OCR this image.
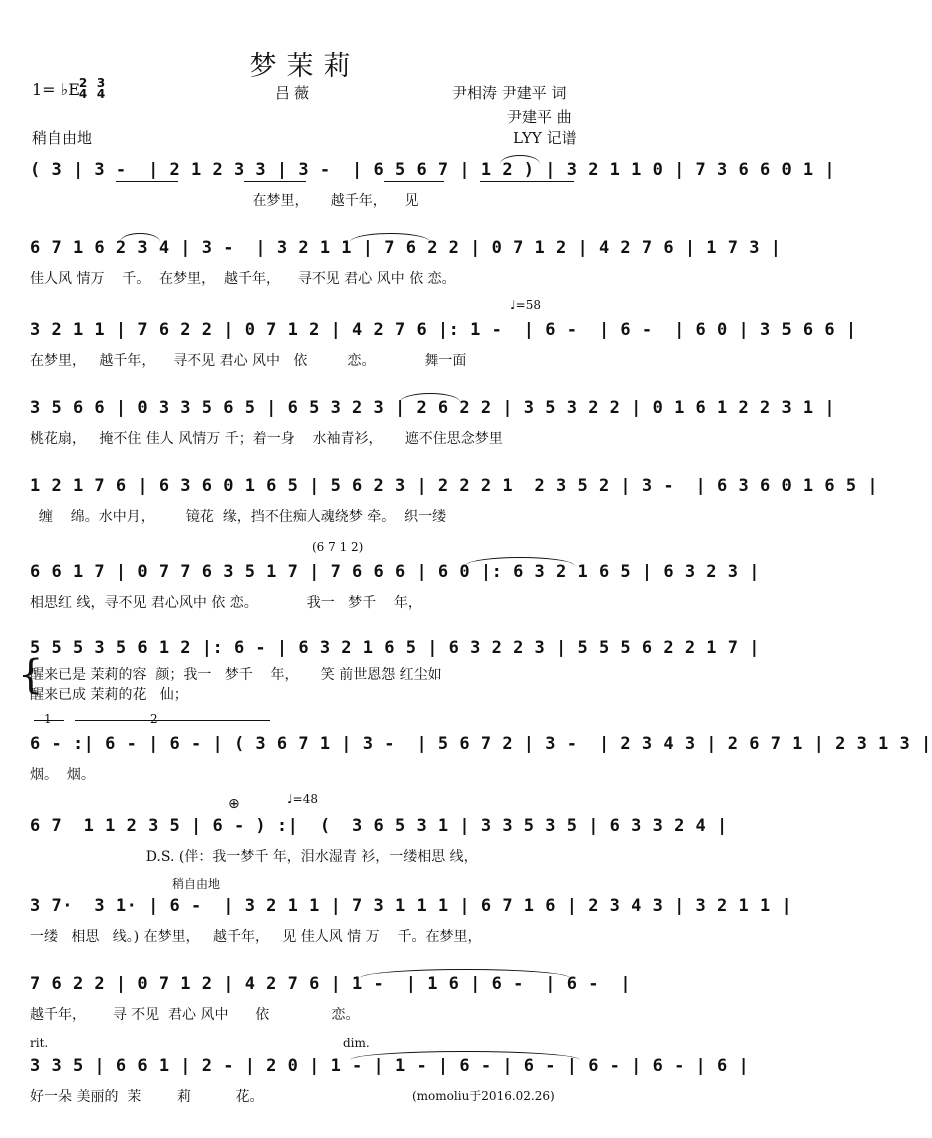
梦茉莉
1= ♭E
2
4
3
4	吕薇	尹相涛 尹建平 词
尹建平 曲
稍自由地	LYY 记谱
( 3 | 3 -  | 2 1 2 3 3 | 3 -  | 6 5 6 7 | 1 2 ) | 3 2 1 1 0 | 7 3 6 6 0 1 |
在梦里，     越千年，    见
6 7 1 6 2 3 4 | 3 -  | 3 2 1 1 | 7 6 2 2 | 0 7 1 2 | 4 2 7 6 | 1 7 3 |
佳人风 情万    千。  在梦里，  越千年，    寻不见 君心 风中 依 恋。
♩=58
3 2 1 1 | 7 6 2 2 | 0 7 1 2 | 4 2 7 6 |: 1 -  | 6 -  | 6 -  | 6 0 | 3 5 6 6 |
在梦里，   越千年，    寻不见 君心 风中   依         恋。           舞一面
3 5 6 6 | 0 3 3 5 6 5 | 6 5 3 2 3 | 2 6 2 2 | 3 5 3 2 2 | 0 1 6 1 2 2 3 1 |
桃花扇，   掩不住 佳人 风情万 千；着一身    水袖青衫，     遮不住思念梦里
1 2 1 7 6 | 6 3 6 0 1 6 5 | 5 6 2 3 | 2 2 2 1  2 3 5 2 | 3 -  | 6 3 6 0 1 6 5 |
缠    绵。水中月，       镜花  缘，挡不住痴人魂绕梦 牵。  织一缕
(6 7 1 2)
6 6 1 7 | 0 7 7 6 3 5 1 7 | 7 6 6 6 | 6 0 |: 6 3 2 1 6 5 | 6 3 2 3 |
相思红 线，寻不见 君心风中 依 恋。           我一   梦千    年，
5 5 5 3 5 6 1 2 |: 6 - | 6 3 2 1 6 5 | 6 3 2 2 3 | 5 5 5 6 2 2 1 7 |
{
醒来已是 茉莉的容  颜；我一   梦千    年，     笑 前世恩怨 红尘如
醒来已成 茉莉的花   仙；
1	2
6 - :| 6 - | 6 - | ( 3 6 7 1 | 3 -  | 5 6 7 2 | 3 -  | 2 3 4 3 | 2 6 7 1 | 2 3 1 3 |
烟。  烟。
♩=48
⊕
6 7  1 1 2 3 5 | 6 - ) :|  (  3 6 5 3 1 | 3 3 5 3 5 | 6 3 3 2 4 |
D.S. (伴：我一梦千 年，泪水湿青 衫，一缕相思 线，
稍自由地
3 7·  3 1· | 6 -  | 3 2 1 1 | 7 3 1 1 1 | 6 7 1 6 | 2 3 4 3 | 3 2 1 1 |
一缕   相思   线。) 在梦里，   越千年，   见 佳人风 情 万    千。在梦里，
7 6 2 2 | 0 7 1 2 | 4 2 7 6 | 1 -  | 1 6 | 6 -  | 6 -  |
越千年，      寻 不见  君心 风中      依              恋。
rit.	dim.
3 3 5 | 6 6 1 | 2 - | 2 0 | 1 - | 1 - | 6 - | 6 - | 6 - | 6 - | 6 |
好一朵 美丽的  茉        莉          花。	(momoliu于2016.02.26)
